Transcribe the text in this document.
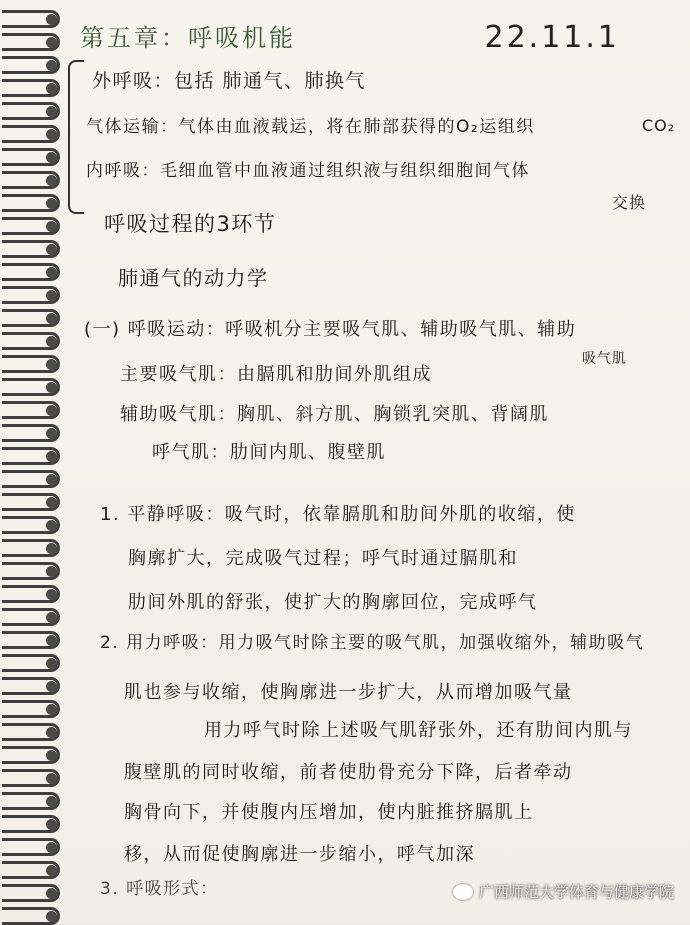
第五章：呼吸机能	22.11.1
外呼吸：包括 肺通气、肺换气
气体运输：气体由血液载运，将在肺部获得的O₂运组织	CO₂
内呼吸：毛细血管中血液通过组织液与组织细胞间气体
交换
呼吸过程的3环节
肺通气的动力学
(一) 呼吸运动：呼吸机分主要吸气肌、辅助吸气肌、辅助
吸气肌
主要吸气肌：由膈肌和肋间外肌组成
辅助吸气肌：胸肌、斜方肌、胸锁乳突肌、背阔肌
呼气肌：肋间内肌、腹壁肌
1. 平静呼吸：吸气时，依靠膈肌和肋间外肌的收缩，使
胸廓扩大，完成吸气过程；呼气时通过膈肌和
肋间外肌的舒张，使扩大的胸廓回位，完成呼气
2. 用力呼吸：用力吸气时除主要的吸气肌，加强收缩外，辅助吸气
肌也参与收缩，使胸廓进一步扩大，从而增加吸气量
用力呼气时除上述吸气肌舒张外，还有肋间内肌与
腹壁肌的同时收缩，前者使肋骨充分下降，后者牵动
胸骨向下，并使腹内压增加，使内脏推挤膈肌上
移，从而促使胸廓进一步缩小，呼气加深
3. 呼吸形式：	广西师范大学体育与健康学院
